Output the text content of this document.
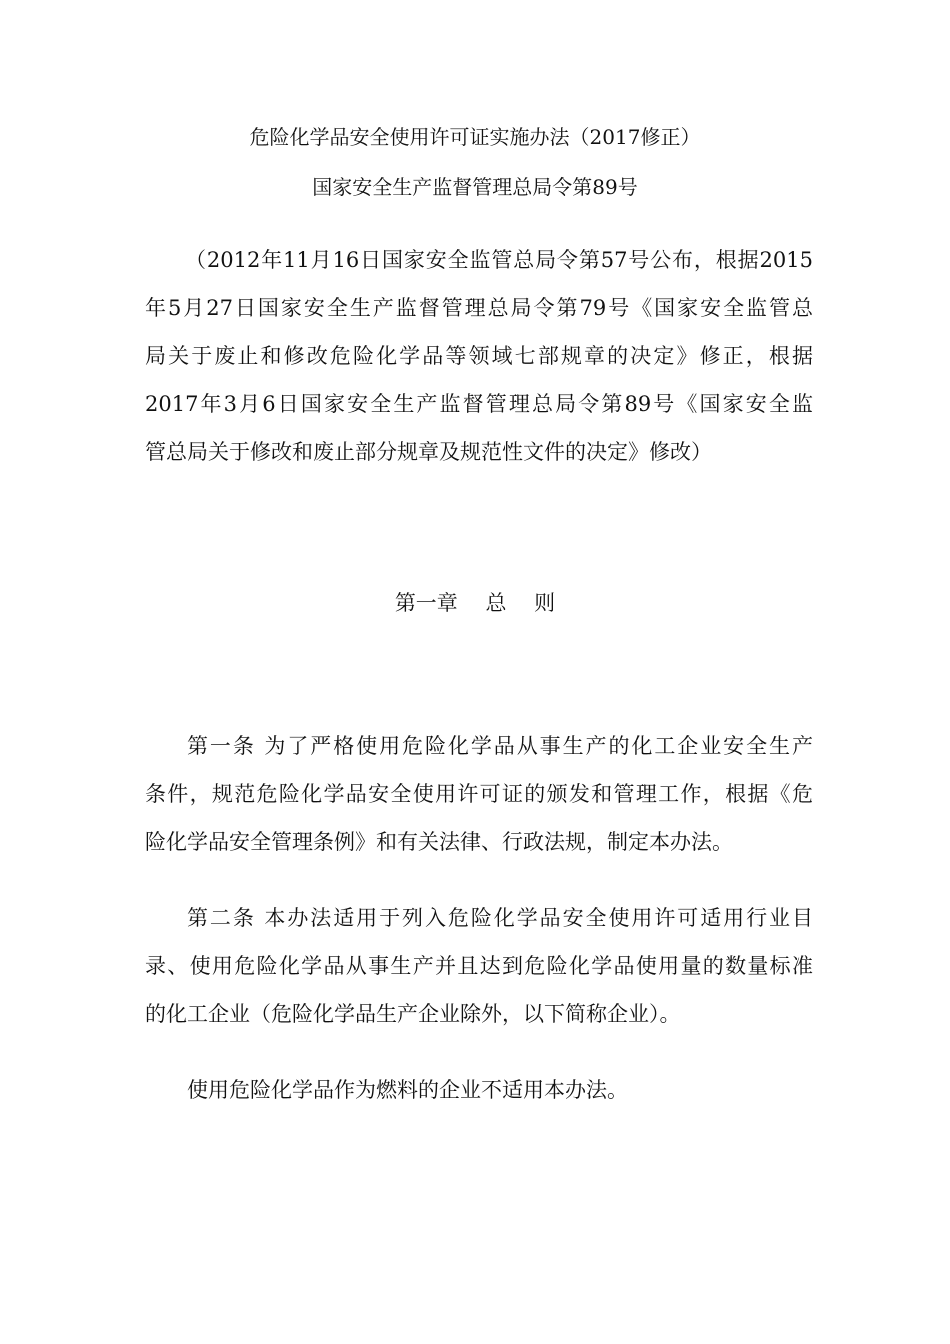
危险化学品安全使用许可证实施办法（2017修正）
国家安全生产监督管理总局令第89号
（2012年11月16日国家安全监管总局令第57号公布，根据2015
年5月27日国家安全生产监督管理总局令第79号《国家安全监管总
局关于废止和修改危险化学品等领域七部规章的决定》修正，根据
2017年3月6日国家安全生产监督管理总局令第89号《国家安全监
管总局关于修改和废止部分规章及规范性文件的决定》修改）
第一章　 总　 则
第一条 为了严格使用危险化学品从事生产的化工企业安全生产
条件，规范危险化学品安全使用许可证的颁发和管理工作，根据《危
险化学品安全管理条例》和有关法律、行政法规，制定本办法。
第二条 本办法适用于列入危险化学品安全使用许可适用行业目
录、使用危险化学品从事生产并且达到危险化学品使用量的数量标准
的化工企业（危险化学品生产企业除外，以下简称企业）。
使用危险化学品作为燃料的企业不适用本办法。
